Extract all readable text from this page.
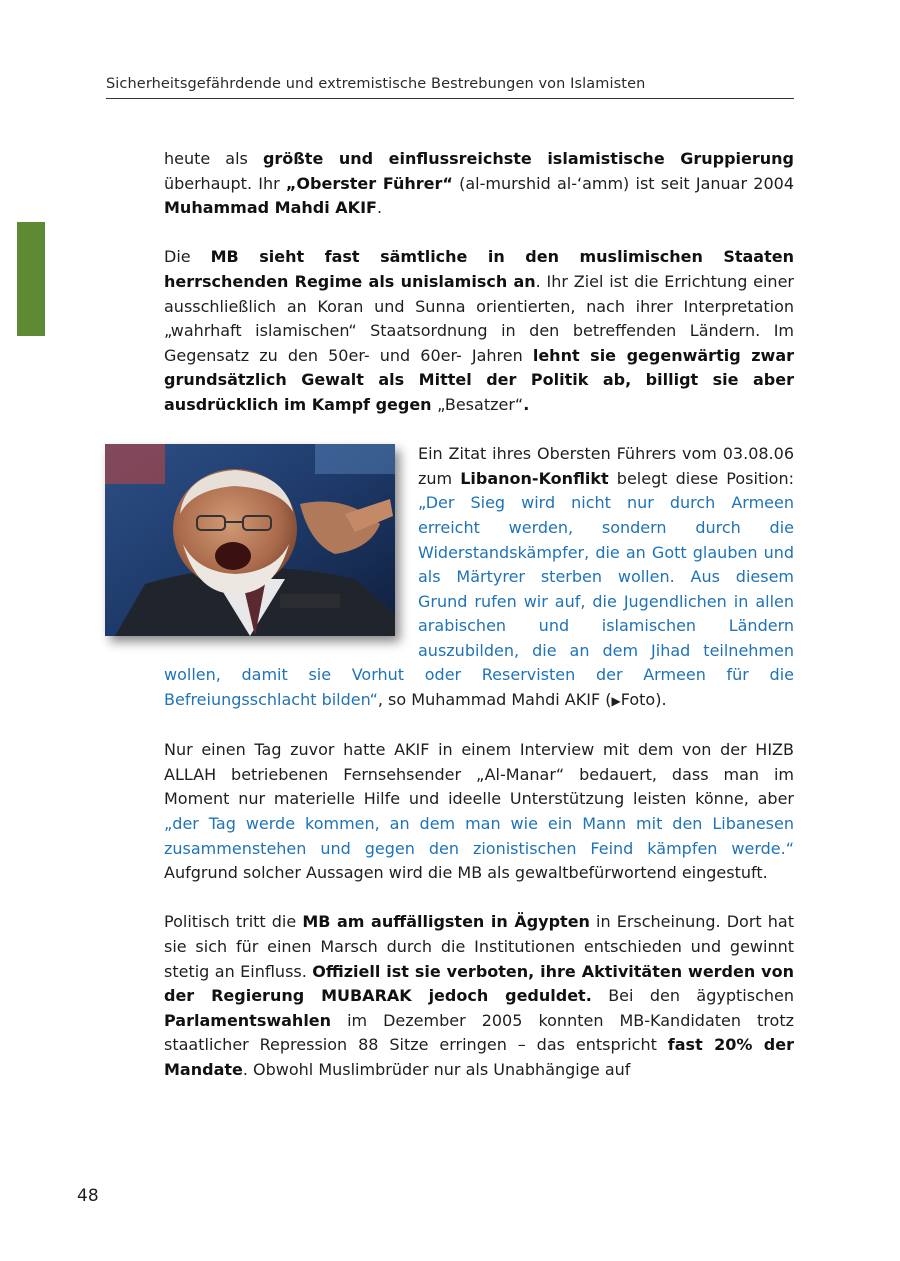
Sicherheitsgefährdende und extremistische Bestrebungen von Islamisten

heute als größte und einflussreichste islamistische Gruppierung überhaupt. Ihr „Oberster Führer“ (al-murshid al-‘amm) ist seit Januar 2004 Muhammad Mahdi AKIF.

Die MB sieht fast sämtliche in den muslimischen Staaten herrschenden Regime als unislamisch an. Ihr Ziel ist die Errichtung einer ausschließlich an Koran und Sunna orientierten, nach ihrer Interpretation „wahrhaft islamischen“ Staatsordnung in den betreffenden Ländern. Im Gegensatz zu den 50er- und 60er- Jahren lehnt sie gegenwärtig zwar grundsätzlich Gewalt als Mittel der Politik ab, billigt sie aber ausdrücklich im Kampf gegen „Besatzer“.

Ein Zitat ihres Obersten Führers vom 03.08.06 zum Libanon-Konflikt belegt diese Position: „Der Sieg wird nicht nur durch Armeen erreicht werden, sondern durch die Widerstandskämpfer, die an Gott glauben und als Märtyrer sterben wollen. Aus diesem Grund rufen wir auf, die Jugendlichen in allen arabischen und islamischen Ländern auszubilden, die an dem Jihad teilnehmen wollen, damit sie Vorhut oder Reservisten der Armeen für die Befreiungsschlacht bilden“, so Muhammad Mahdi AKIF (▶Foto).

Nur einen Tag zuvor hatte AKIF in einem Interview mit dem von der HIZB ALLAH betriebenen Fernsehsender „Al-Manar“ bedauert, dass man im Moment nur materielle Hilfe und ideelle Unterstützung leisten könne, aber „der Tag werde kommen, an dem man wie ein Mann mit den Libanesen zusammenstehen und gegen den zionistischen Feind kämpfen werde.“ Aufgrund solcher Aussagen wird die MB als gewaltbefürwortend eingestuft.

Politisch tritt die MB am auffälligsten in Ägypten in Erscheinung. Dort hat sie sich für einen Marsch durch die Institutionen entschieden und gewinnt stetig an Einfluss. Offiziell ist sie verboten, ihre Aktivitäten werden von der Regierung MUBARAK jedoch geduldet. Bei den ägyptischen Parlamentswahlen im Dezember 2005 konnten MB-Kandidaten trotz staatlicher Repression 88 Sitze erringen – das entspricht fast 20% der Mandate. Obwohl Muslimbrüder nur als Unabhängige auf

48
